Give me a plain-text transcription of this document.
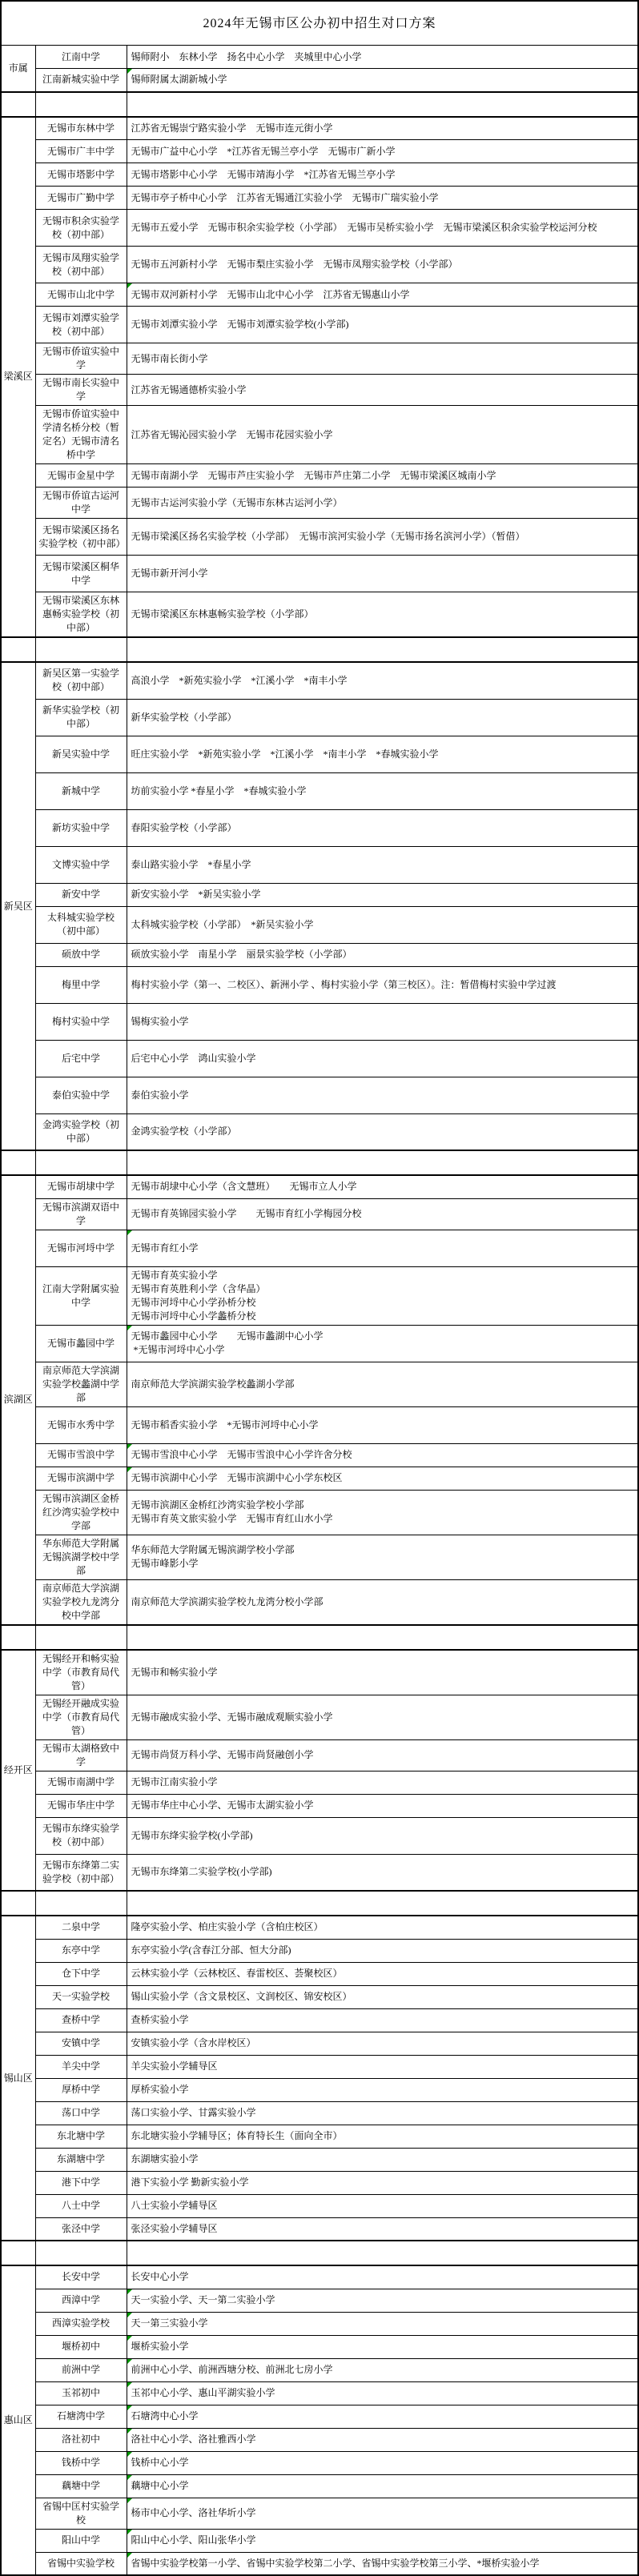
2024年无锡市区公办初中招生对口方案		
市属	江南中学	锡师附小　东林小学　扬名中心小学　夹城里中心小学

	江南新城实验中学	锡师附属太湖新城小学

梁溪区	无锡市东林中学	江苏省无锡崇宁路实验小学　无锡市连元街小学

	无锡市广丰中学	无锡市广益中心小学　*江苏省无锡兰亭小学　无锡市广新小学

	无锡市塔影中学	无锡市塔影中心小学　无锡市靖海小学　*江苏省无锡兰亭小学

	无锡市广勤中学	无锡市亭子桥中心小学　江苏省无锡通江实验小学　无锡市广瑞实验小学

	无锡市积余实验学校（初中部）	无锡市五爱小学　无锡市积余实验学校（小学部）　无锡市吴桥实验小学　无锡市梁溪区积余实验学校运河分校

	无锡市凤翔实验学校（初中部）	无锡市五河新村小学　无锡市梨庄实验小学　无锡市凤翔实验学校（小学部）

	无锡市山北中学	无锡市双河新村小学　无锡市山北中心小学　江苏省无锡惠山小学

	无锡市刘潭实验学校（初中部）	无锡市刘潭实验小学　无锡市刘潭实验学校(小学部)

	无锡市侨谊实验中学	无锡市南长街小学

	无锡市南长实验中学	江苏省无锡通德桥实验小学

	无锡市侨谊实验中学清名桥分校（暂定名）无锡市清名桥中学	江苏省无锡沁园实验小学　无锡市花园实验小学

	无锡市金星中学	无锡市南湖小学　无锡市芦庄实验小学　无锡市芦庄第二小学　无锡市梁溪区城南小学

	无锡市侨谊古运河中学	无锡市古运河实验小学（无锡市东林古运河小学）

	无锡市梁溪区扬名实验学校（初中部）	无锡市梁溪区扬名实验学校（小学部）　无锡市滨河实验小学（无锡市扬名滨河小学）（暂借）

	无锡市梁溪区桐华中学	无锡市新开河小学

	无锡市梁溪区东林惠畅实验学校（初中部）	无锡市梁溪区东林惠畅实验学校（小学部）

新吴区	新吴区第一实验学校（初中部）	高浪小学　*新苑实验小学　*江溪小学　*南丰小学

	新华实验学校（初中部）	新华实验学校（小学部）

	新吴实验中学	旺庄实验小学　*新苑实验小学　*江溪小学　*南丰小学　*春城实验小学

	新城中学	坊前实验小学 *春星小学　*春城实验小学

	新坊实验中学	春阳实验学校（小学部）

	文博实验中学	泰山路实验小学　*春星小学

	新安中学	新安实验小学　*新吴实验小学

	太科城实验学校（初中部）	太科城实验学校（小学部）　*新吴实验小学

	硕放中学	硕放实验小学　南星小学　丽景实验学校（小学部）

	梅里中学	梅村实验小学（第一、二校区）、新洲小学 、梅村实验小学（第三校区）。注：暂借梅村实验中学过渡

	梅村实验中学	锡梅实验小学

	后宅中学	后宅中心小学　鸿山实验小学

	泰伯实验中学	泰伯实验小学

	金鸿实验学校（初中部）	金鸿实验学校（小学部）

滨湖区	无锡市胡埭中学	无锡市胡埭中心小学（含文慧班）　　无锡市立人小学

	无锡市滨湖双语中学	无锡市育英锦园实验小学　　无锡市育红小学梅园分校

	无锡市河埒中学	无锡市育红小学

	江南大学附属实验中学	无锡市育英实验小学
无锡市育英胜利小学（含华晶）
无锡市河埒中心小学孙桥分校
无锡市河埒中心小学蠡桥分校

	无锡市蠡园中学	无锡市蠡园中心小学　　无锡市蠡湖中心小学
*无锡市河埒中心小学

	南京师范大学滨湖实验学校蠡湖中学部	南京师范大学滨湖实验学校蠡湖小学部

	无锡市水秀中学	无锡市稻香实验小学　*无锡市河埒中心小学

	无锡市雪浪中学	无锡市雪浪中心小学　无锡市雪浪中心小学许舍分校

	无锡市滨湖中学	无锡市滨湖中心小学　无锡市滨湖中心小学东校区

	无锡市滨湖区金桥红沙湾实验学校中学部	无锡市滨湖区金桥红沙湾实验学校小学部
无锡市育英文旅实验小学　无锡市育红山水小学

	华东师范大学附属无锡滨湖学校中学部	华东师范大学附属无锡滨湖学校小学部
无锡市峰影小学

	南京师范大学滨湖实验学校九龙湾分校中学部	南京师范大学滨湖实验学校九龙湾分校小学部

经开区	无锡经开和畅实验中学（市教育局代管）	无锡市和畅实验小学

	无锡经开融成实验中学（市教育局代管）	无锡市融成实验小学、无锡市融成观顺实验小学

	无锡市太湖格致中学	无锡市尚贤万科小学、无锡市尚贤融创小学

	无锡市南湖中学	无锡市江南实验小学

	无锡市华庄中学	无锡市华庄中心小学、无锡市太湖实验小学

	无锡市东绛实验学校（初中部）	无锡市东绛实验学校(小学部)

	无锡市东绛第二实验学校（初中部）	无锡市东绛第二实验学校(小学部)

锡山区	二泉中学	隆亭实验小学、柏庄实验小学（含柏庄校区）

	东亭中学	东亭实验小学(含春江分部、恒大分部)

	仓下中学	云林实验小学（云林校区、春雷校区、荟聚校区）

	天一实验学校	锡山实验小学（含文景校区、文润校区、锦安校区）

	查桥中学	查桥实验小学

	安镇中学	安镇实验小学（含水岸校区）

	羊尖中学	羊尖实验小学辅导区

	厚桥中学	厚桥实验小学

	荡口中学	荡口实验小学、甘露实验小学

	东北塘中学	东北塘实验小学辅导区；体育特长生（面向全市）

	东湖塘中学	东湖塘实验小学

	港下中学	港下实验小学 勤新实验小学

	八士中学	八士实验小学辅导区

	张泾中学	张泾实验小学辅导区

惠山区	长安中学	长安中心小学

	西漳中学	天一实验小学、天一第二实验小学

	西漳实验学校	天一第三实验小学

	堰桥初中	堰桥实验小学

	前洲中学	前洲中心小学、前洲西塘分校、前洲北七房小学

	玉祁初中	玉祁中心小学、惠山平湖实验小学

	石塘湾中学	石塘湾中心小学

	洛社初中	洛社中心小学、洛社雅西小学

	钱桥中学	钱桥中心小学

	藕塘中学	藕塘中心小学

	省锡中匡村实验学校	杨市中心小学、洛社华圻小学

	阳山中学	阳山中心小学、阳山张华小学

	省锡中实验学校	省锡中实验学校第一小学、省锡中实验学校第二小学、省锡中实验学校第三小学、*堰桥实验小学
